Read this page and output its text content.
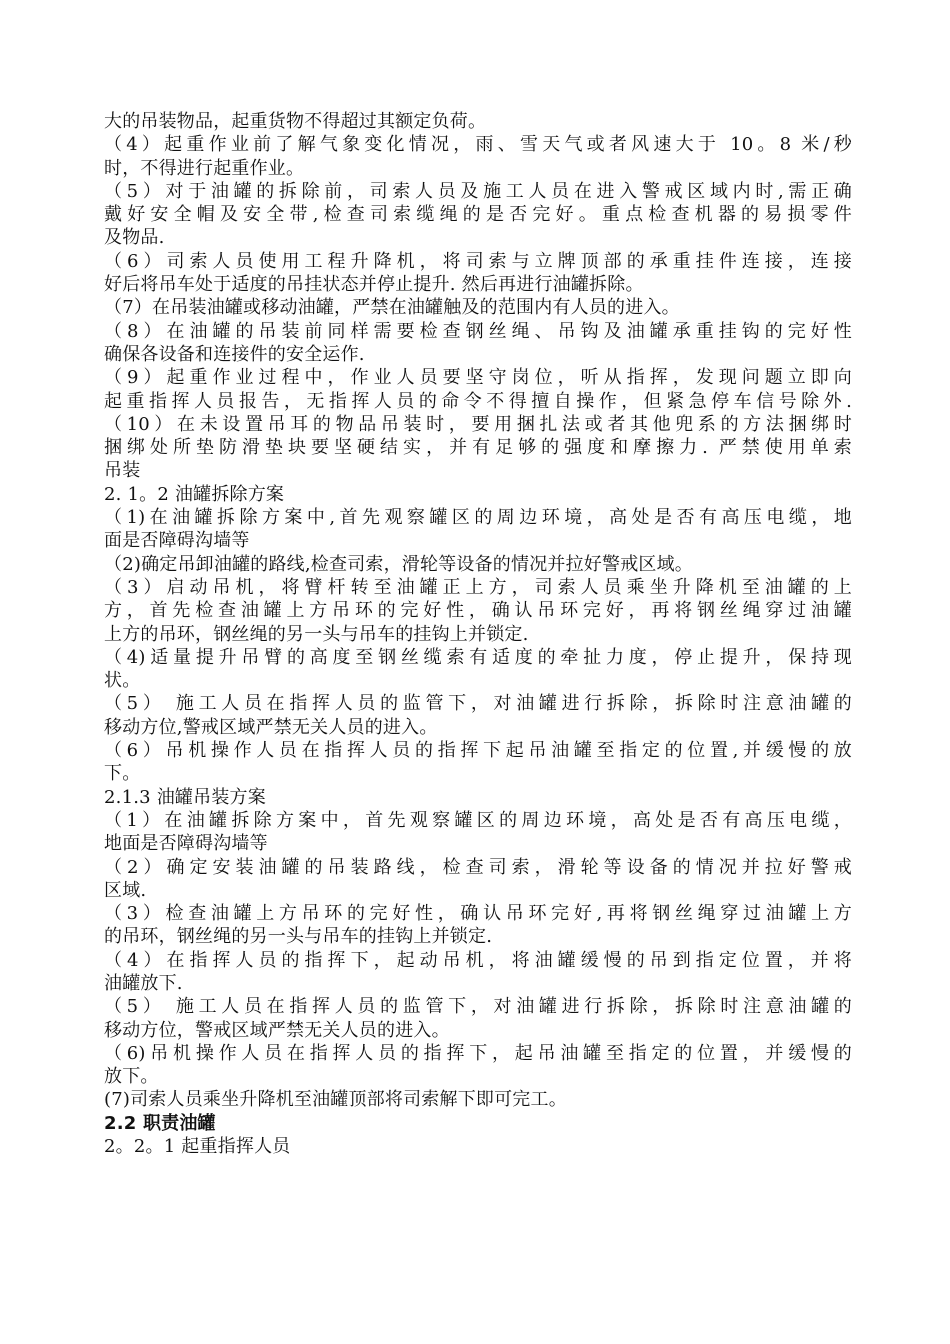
大的吊装物品，起重货物不得超过其额定负荷。
（4）起重作业前了解气象变化情况，雨、雪天气或者风速大于 10。8 米/秒
时，不得进行起重作业。
（5）对于油罐的拆除前，司索人员及施工人员在进入警戒区域内时,需正确
戴好安全帽及安全带,检查司索缆绳的是否完好。重点检查机器的易损零件
及物品.
（6）司索人员使用工程升降机，将司索与立牌顶部的承重挂件连接，连接
好后将吊车处于适度的吊挂状态并停止提升. 然后再进行油罐拆除。
（7）在吊装油罐或移动油罐，严禁在油罐触及的范围内有人员的进入。
（8）在油罐的吊装前同样需要检查钢丝绳、吊钩及油罐承重挂钩的完好性
确保各设备和连接件的安全运作.
（9）起重作业过程中，作业人员要坚守岗位，听从指挥，发现问题立即向
起重指挥人员报告，无指挥人员的命令不得擅自操作，但紧急停车信号除外.
（10）在未设置吊耳的物品吊装时，要用捆扎法或者其他兜系的方法捆绑时
捆绑处所垫防滑垫块要坚硬结实，并有足够的强度和摩擦力. 严禁使用单索
吊装
2. 1。2 油罐拆除方案
（1)在油罐拆除方案中,首先观察罐区的周边环境，高处是否有高压电缆，地
面是否障碍沟墙等
（2)确定吊卸油罐的路线,检查司索，滑轮等设备的情况并拉好警戒区域。
（3）启动吊机，将臂杆转至油罐正上方，司索人员乘坐升降机至油罐的上
方，首先检查油罐上方吊环的完好性，确认吊环完好，再将钢丝绳穿过油罐
上方的吊环，钢丝绳的另一头与吊车的挂钩上并锁定.
（4)适量提升吊臂的高度至钢丝缆索有适度的牵扯力度，停止提升，保持现
状。
（5） 施工人员在指挥人员的监管下，对油罐进行拆除，拆除时注意油罐的
移动方位,警戒区域严禁无关人员的进入。
（6）吊机操作人员在指挥人员的指挥下起吊油罐至指定的位置,并缓慢的放
下。
2.1.3 油罐吊装方案
（1）在油罐拆除方案中，首先观察罐区的周边环境，高处是否有高压电缆，
地面是否障碍沟墙等
（2）确定安装油罐的吊装路线，检查司索，滑轮等设备的情况并拉好警戒
区域.
（3）检查油罐上方吊环的完好性，确认吊环完好,再将钢丝绳穿过油罐上方
的吊环，钢丝绳的另一头与吊车的挂钩上并锁定.
（4）在指挥人员的指挥下，起动吊机，将油罐缓慢的吊到指定位置，并将
油罐放下.
（5） 施工人员在指挥人员的监管下，对油罐进行拆除，拆除时注意油罐的
移动方位，警戒区域严禁无关人员的进入。
（6)吊机操作人员在指挥人员的指挥下，起吊油罐至指定的位置，并缓慢的
放下。
(7)司索人员乘坐升降机至油罐顶部将司索解下即可完工。
2.2 职责油罐
2。2。1 起重指挥人员
